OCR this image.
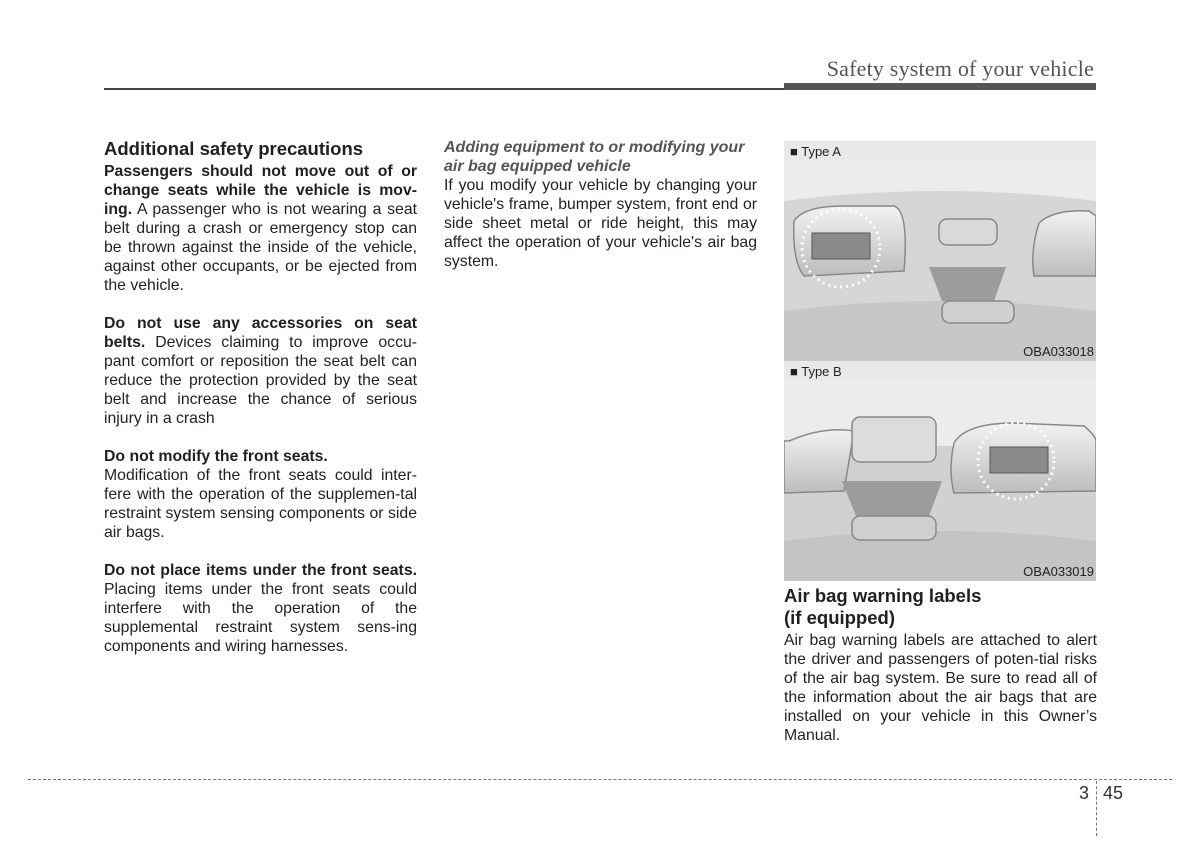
Safety system of your vehicle

Additional safety precautions

Passengers should not move out of or change seats while the vehicle is mov-ing. A passenger who is not wearing a seat belt during a crash or emergency stop can be thrown against the inside of the vehicle, against other occupants, or be ejected from the vehicle.

Do not use any accessories on seat belts. Devices claiming to improve occu-pant comfort or reposition the seat belt can reduce the protection provided by the seat belt and increase the chance of serious injury in a crash

Do not modify the front seats.

Modification of the front seats could inter-fere with the operation of the supplemen-tal restraint system sensing components or side air bags.

Do not place items under the front seats. Placing items under the front seats could interfere with the operation of the supplemental restraint system sens-ing components and wiring harnesses.

Adding equipment to or modifying your air bag equipped vehicle

If you modify your vehicle by changing your vehicle's frame, bumper system, front end or side sheet metal or ride height, this may affect the operation of your vehicle's air bag system.

■ Type A
OBA033018
■ Type B
OBA033019

Air bag warning labels

(if equipped)

Air bag warning labels are attached to alert the driver and passengers of poten-tial risks of the air bag system. Be sure to read all of the information about the air bags that are installed on your vehicle in this Owner’s Manual.

3 45
